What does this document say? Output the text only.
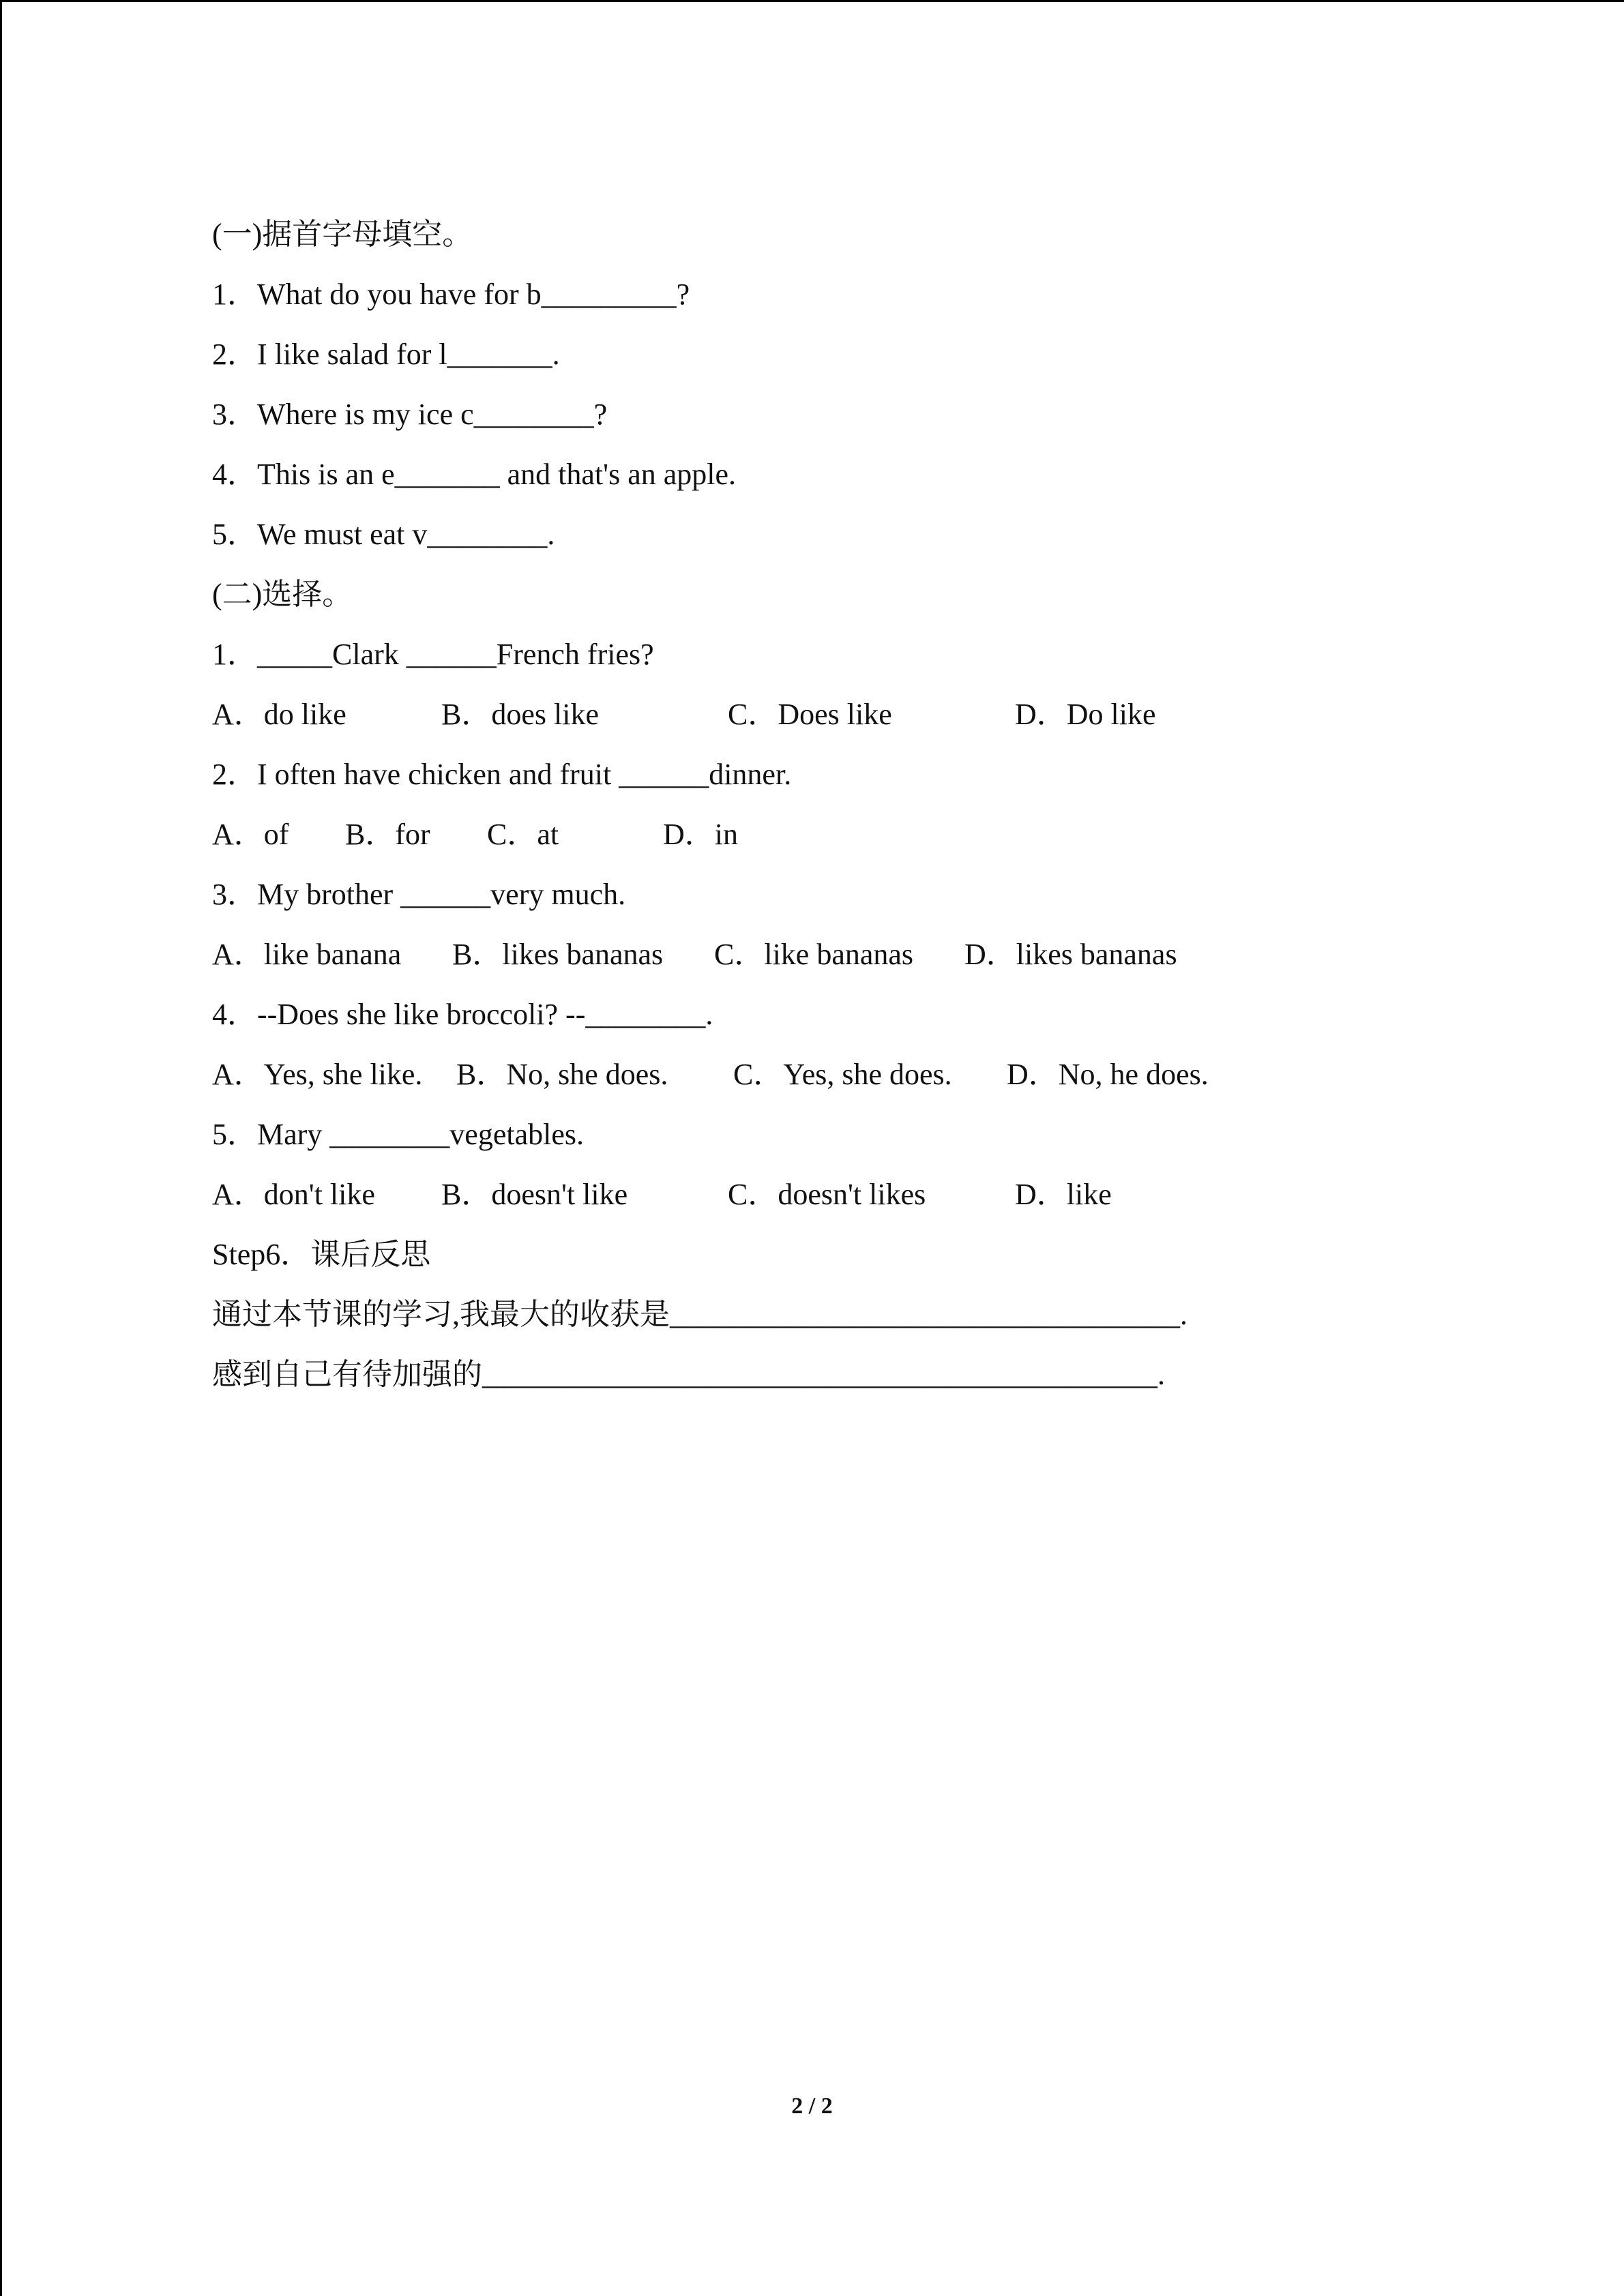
(一)据首字母填空。
1．What do you have for b_________?
2．I like salad for l_______.
3．Where is my ice c________?
4．This is an e_______ and that's an apple.
5．We must eat v________.
(二)选择。
1．_____Clark ______French fries?
A．do like	B．does like	C．Does like	D．Do like
2．I often have chicken and fruit ______dinner.
A．of B．for C．at	D．in
3．My brother ______very much.
A．like banana B．likes bananas C．like bananas D．likes bananas
4．--Does she like broccoli? --________.
A．Yes, she like. B．No, she does. C．Yes, she does. D．No, he does.
5．Mary ________vegetables.
A．don't like B．doesn't like	C．doesn't likes	D．like
Step6．课后反思
通过本节课的学习,我最大的收获是__________________________________.
感到自己有待加强的_____________________________________________.
2 / 2
